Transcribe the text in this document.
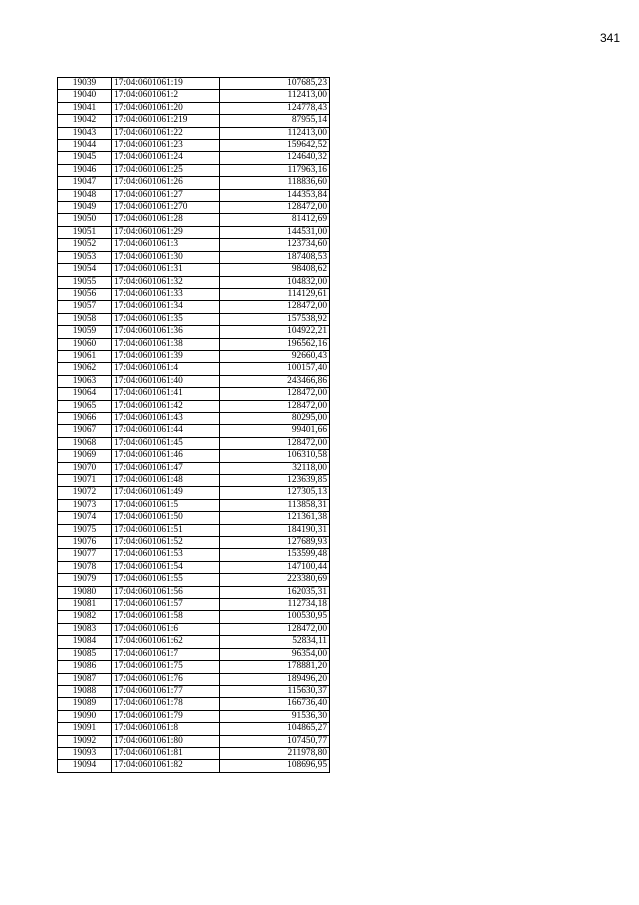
341
19039	17:04:0601061:19	107685,23
19040	17:04:0601061:2	112413,00
19041	17:04:0601061:20	124778,43
19042	17:04:0601061:219	87955,14
19043	17:04:0601061:22	112413,00
19044	17:04:0601061:23	159642,52
19045	17:04:0601061:24	124640,32
19046	17:04:0601061:25	117963,16
19047	17:04:0601061:26	118836,60
19048	17:04:0601061:27	144353,84
19049	17:04:0601061:270	128472,00
19050	17:04:0601061:28	81412,69
19051	17:04:0601061:29	144531,00
19052	17:04:0601061:3	123734,60
19053	17:04:0601061:30	187408,53
19054	17:04:0601061:31	98408,62
19055	17:04:0601061:32	104832,00
19056	17:04:0601061:33	114129,61
19057	17:04:0601061:34	128472,00
19058	17:04:0601061:35	157538,92
19059	17:04:0601061:36	104922,21
19060	17:04:0601061:38	196562,16
19061	17:04:0601061:39	92660,43
19062	17:04:0601061:4	100157,40
19063	17:04:0601061:40	243466,86
19064	17:04:0601061:41	128472,00
19065	17:04:0601061:42	128472,00
19066	17:04:0601061:43	80295,00
19067	17:04:0601061:44	99401,66
19068	17:04:0601061:45	128472,00
19069	17:04:0601061:46	106310,58
19070	17:04:0601061:47	32118,00
19071	17:04:0601061:48	123639,85
19072	17:04:0601061:49	127305,13
19073	17:04:0601061:5	113858,31
19074	17:04:0601061:50	121361,38
19075	17:04:0601061:51	184190,31
19076	17:04:0601061:52	127689,93
19077	17:04:0601061:53	153599,48
19078	17:04:0601061:54	147100,44
19079	17:04:0601061:55	223380,69
19080	17:04:0601061:56	162035,31
19081	17:04:0601061:57	112734,18
19082	17:04:0601061:58	100530,95
19083	17:04:0601061:6	128472,00
19084	17:04:0601061:62	52834,11
19085	17:04:0601061:7	96354,00
19086	17:04:0601061:75	178881,20
19087	17:04:0601061:76	189496,20
19088	17:04:0601061:77	115630,37
19089	17:04:0601061:78	166736,40
19090	17:04:0601061:79	91536,30
19091	17:04:0601061:8	104865,27
19092	17:04:0601061:80	107450,77
19093	17:04:0601061:81	211978,80
19094	17:04:0601061:82	108696,95
